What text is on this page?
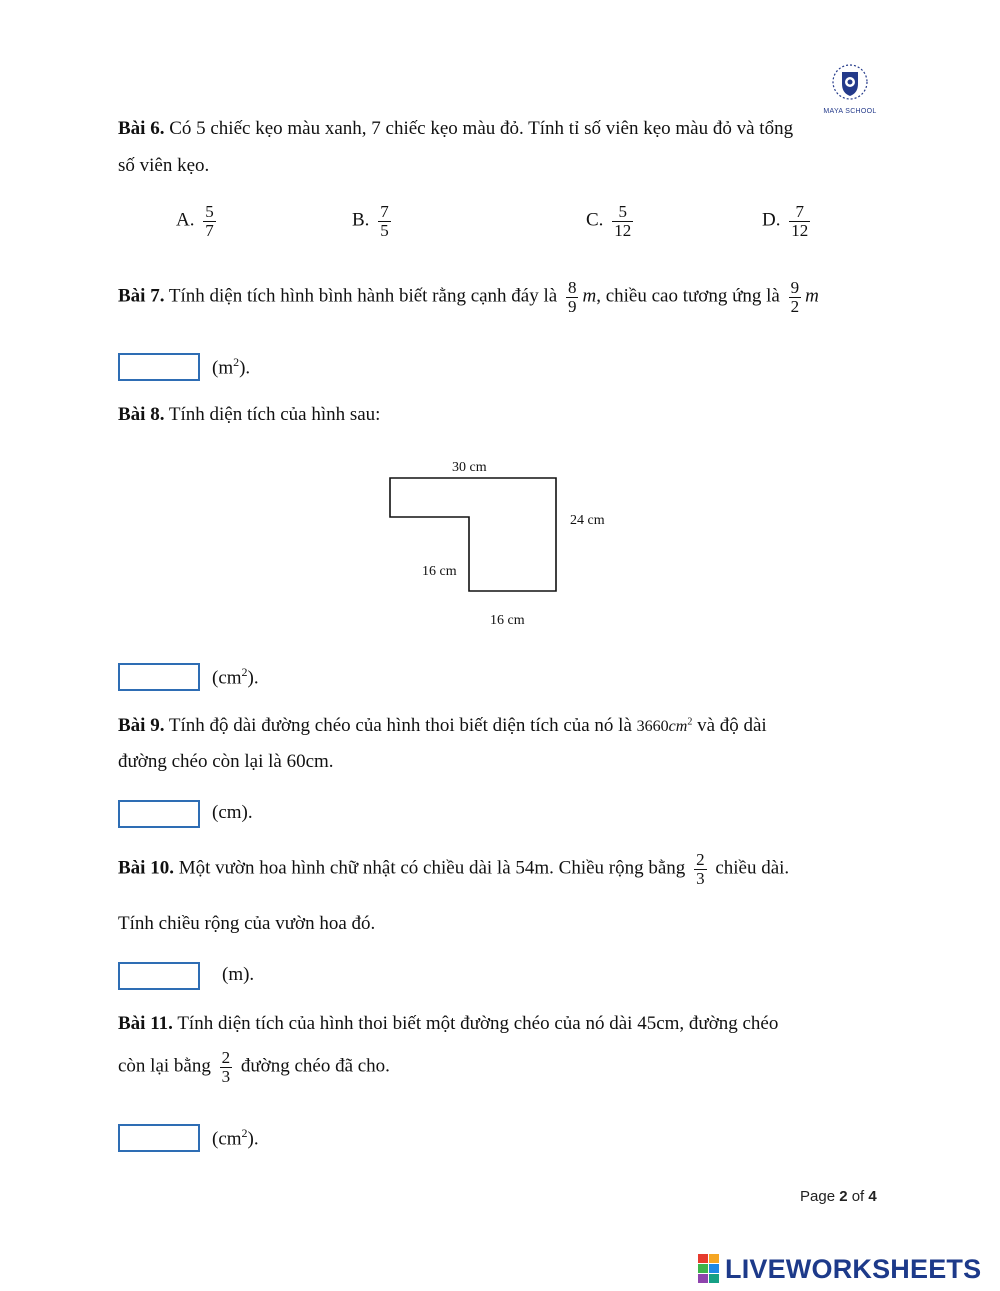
MAYA SCHOOL
Bài 6. Có 5 chiếc kẹo màu xanh, 7 chiếc kẹo màu đỏ. Tính tỉ số viên kẹo màu đỏ và tổng
số viên kẹo.
A. $\frac{5}{7}$	B. $\frac{7}{5}$	C. $\frac{5}{12}$	D. $\frac{7}{12}$
Bài 7. Tính diện tích hình bình hành biết rằng cạnh đáy là $\frac{8}{9} m$, chiều cao tương ứng là $\frac{9}{2}$ m
$(m^2)$.
Bài 8. Tính diện tích của hình sau:
30 cm
24 cm
16 cm
16 cm
$(cm^2)$.
Bài 9. Tính độ dài đường chéo của hình thoi biết diện tích của nó là $3660cm^2$ và độ dài
đường chéo còn lại là 60cm.
(cm).
Bài 10. Một vườn hoa hình chữ nhật có chiều dài là 54m. Chiều rộng bằng $\frac{2}{3}$ chiều dài.
Tính chiều rộng của vườn hoa đó.
(m).
Bài 11. Tính diện tích của hình thoi biết một đường chéo của nó dài 45cm, đường chéo
còn lại bằng $\frac{2}{3}$ đường chéo đã cho.
$(cm^2)$.
Page 2 of 4
LIVEWORKSHEETS
